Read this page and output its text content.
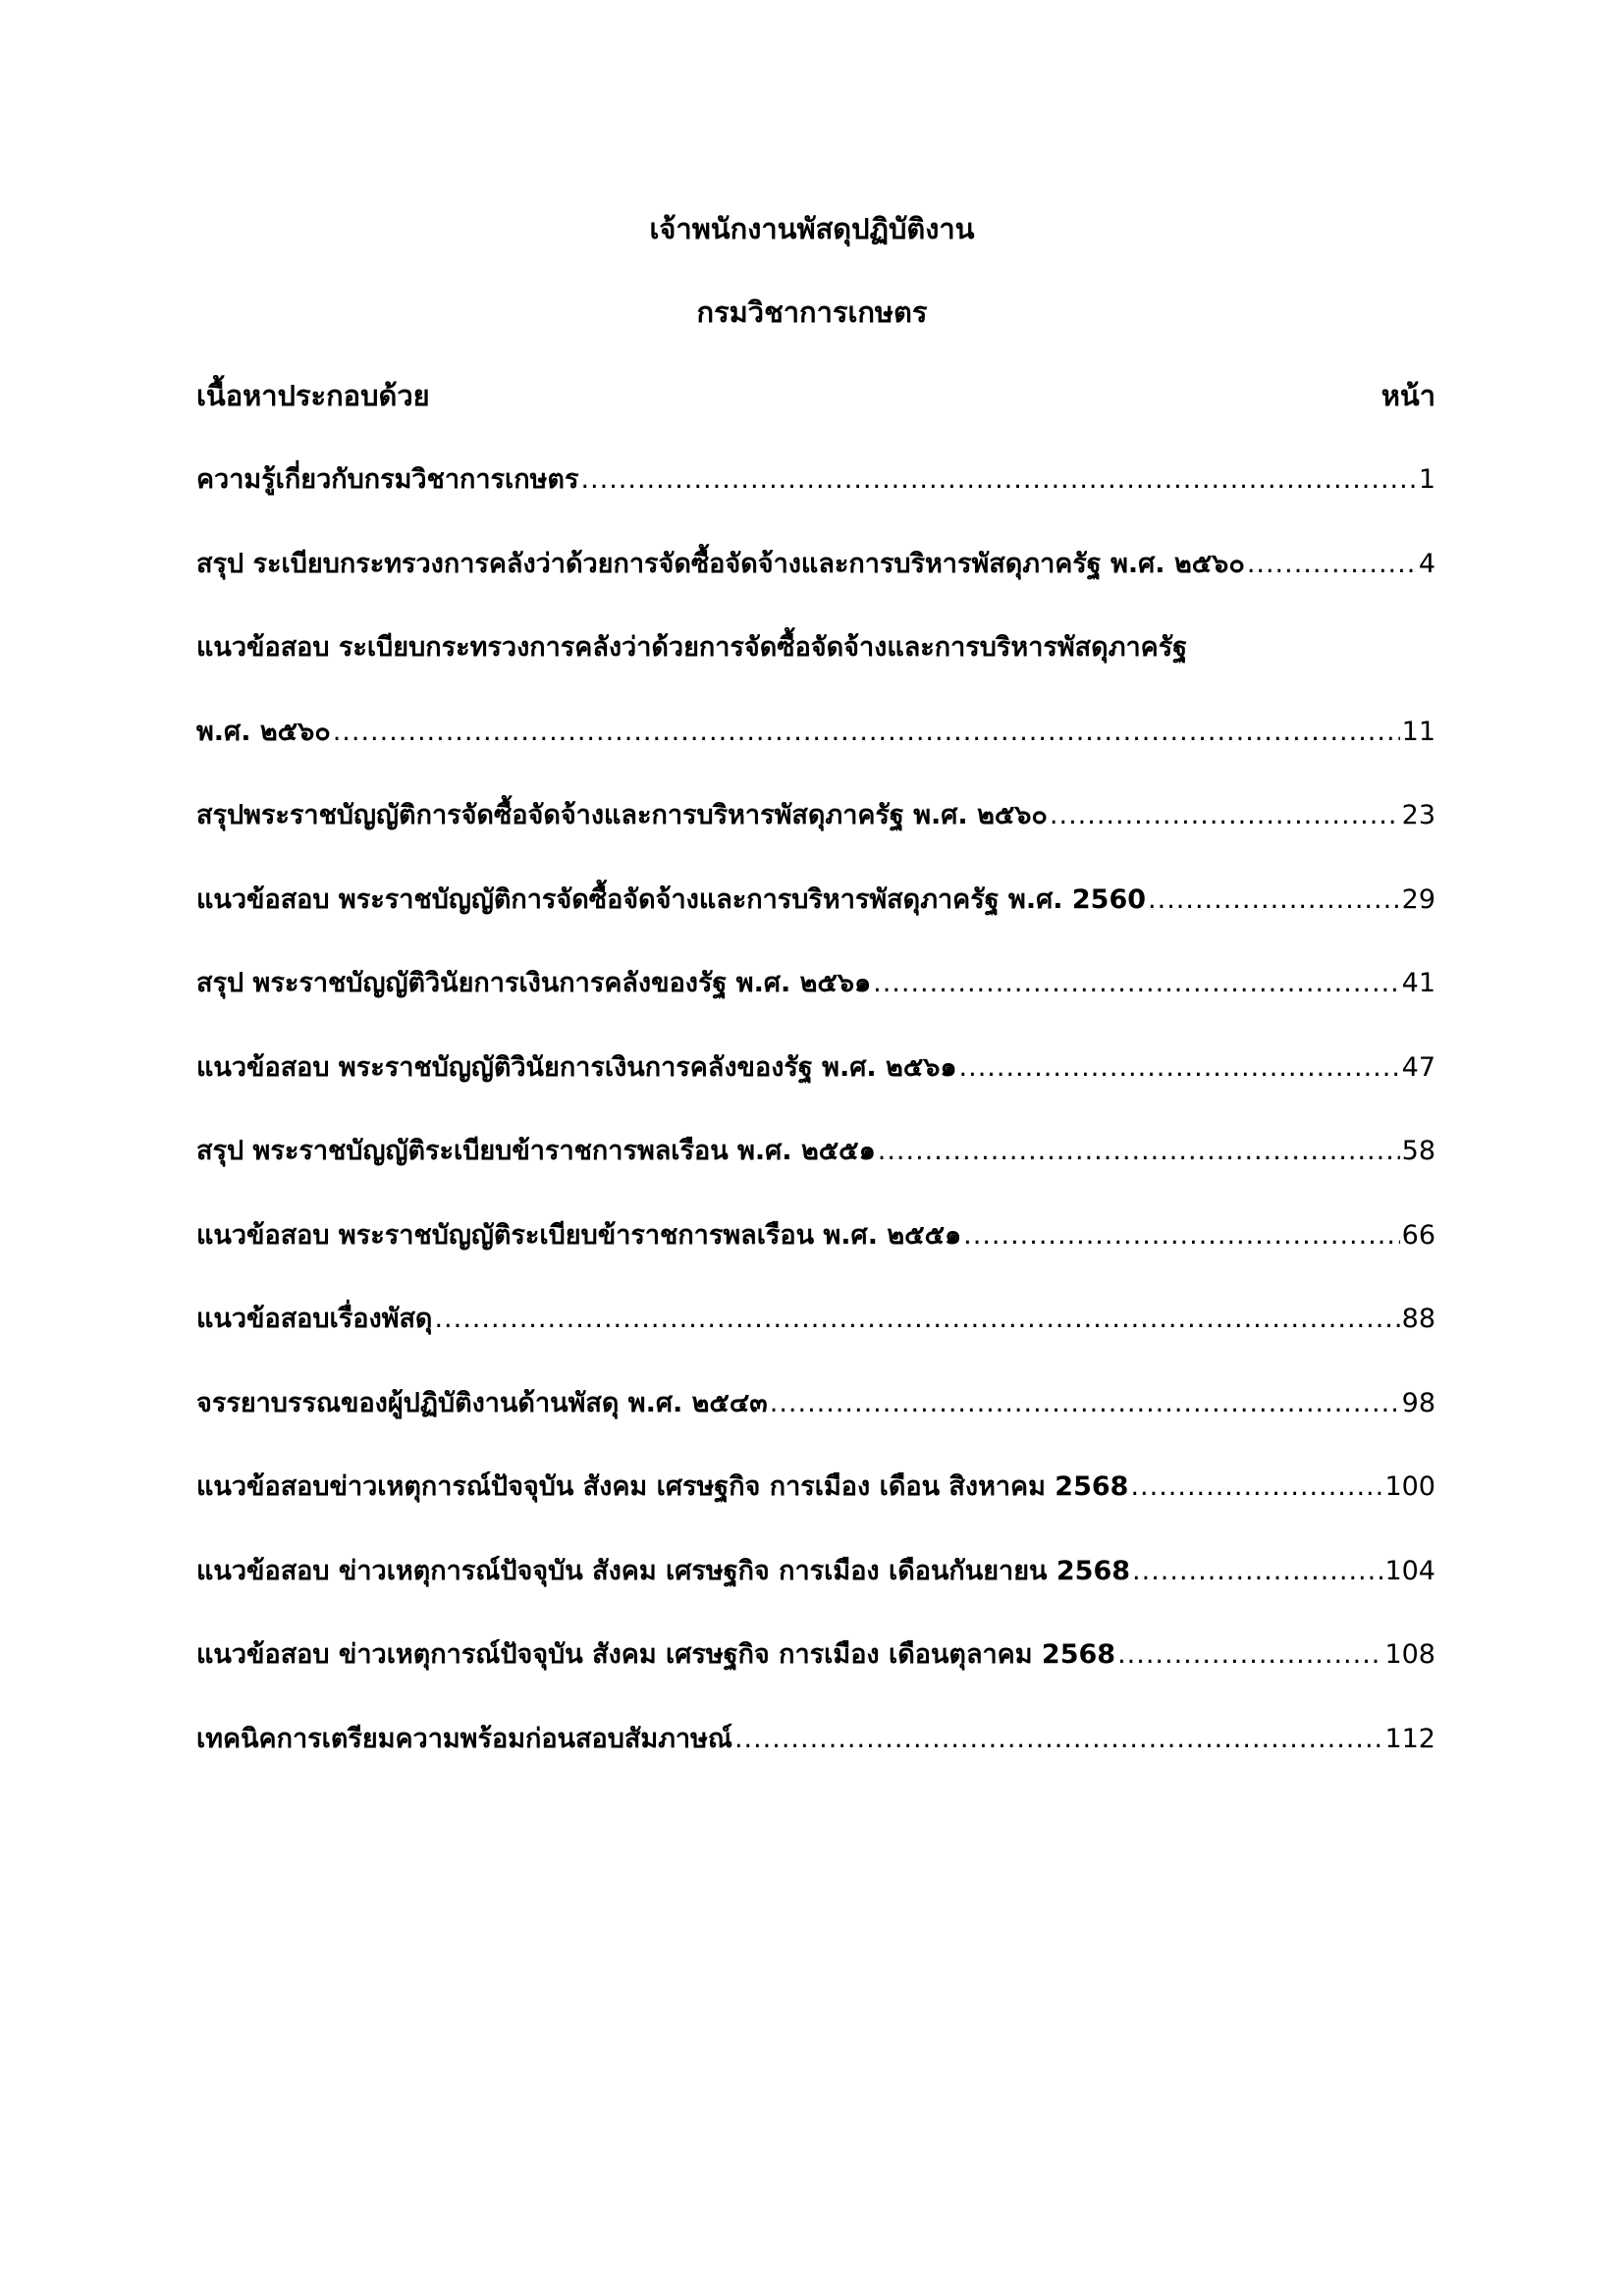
เจ้าพนักงานพัสดุปฏิบัติงาน
กรมวิชาการเกษตร
เนื้อหาประกอบด้วย	หน้า
ความรู้เกี่ยวกับกรมวิชาการเกษตร .....	1
สรุป ระเบียบกระทรวงการคลังว่าด้วยการจัดซื้อจัดจ้างและการบริหารพัสดุภาครัฐ พ.ศ. ๒๕๖๐ .....	4
แนวข้อสอบ ระเบียบกระทรวงการคลังว่าด้วยการจัดซื้อจัดจ้างและการบริหารพัสดุภาครัฐ
พ.ศ. ๒๕๖๐ .....	11
สรุปพระราชบัญญัติการจัดซื้อจัดจ้างและการบริหารพัสดุภาครัฐ พ.ศ. ๒๕๖๐ .....	23
แนวข้อสอบ พระราชบัญญัติการจัดซื้อจัดจ้างและการบริหารพัสดุภาครัฐ พ.ศ. 2560 .....	29
สรุป พระราชบัญญัติวินัยการเงินการคลังของรัฐ พ.ศ. ๒๕๖๑ .....	41
แนวข้อสอบ พระราชบัญญัติวินัยการเงินการคลังของรัฐ พ.ศ. ๒๕๖๑ .....	47
สรุป พระราชบัญญัติระเบียบข้าราชการพลเรือน พ.ศ. ๒๕๕๑ .....	58
แนวข้อสอบ พระราชบัญญัติระเบียบข้าราชการพลเรือน พ.ศ. ๒๕๕๑ .....	66
แนวข้อสอบเรื่องพัสดุ .....	88
จรรยาบรรณของผู้ปฏิบัติงานด้านพัสดุ พ.ศ. ๒๕๔๓ .....	98
แนวข้อสอบข่าวเหตุการณ์ปัจจุบัน สังคม เศรษฐกิจ การเมือง เดือน สิงหาคม 2568 .....	100
แนวข้อสอบ ข่าวเหตุการณ์ปัจจุบัน สังคม เศรษฐกิจ การเมือง เดือนกันยายน 2568 .....	104
แนวข้อสอบ ข่าวเหตุการณ์ปัจจุบัน สังคม เศรษฐกิจ การเมือง เดือนตุลาคม 2568 .....	108
เทคนิคการเตรียมความพร้อมก่อนสอบสัมภาษณ์ .....	112
